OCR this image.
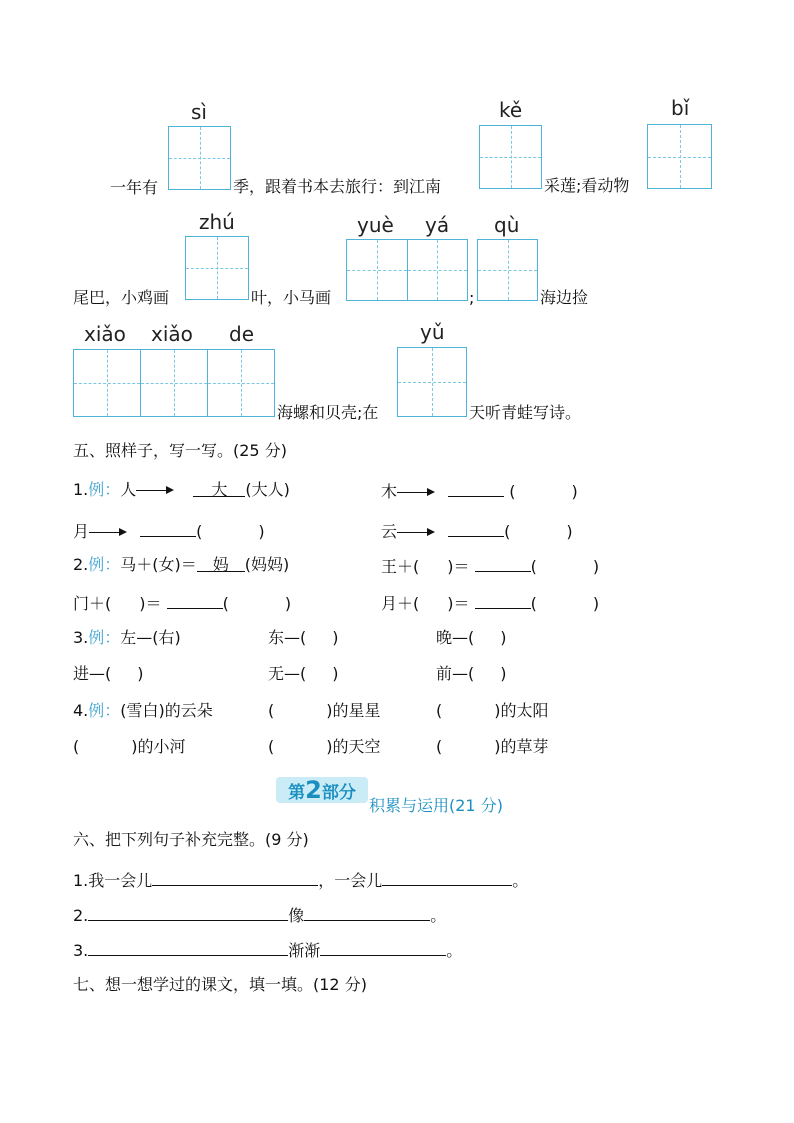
sì	kě	bǐ
zhú	yuè yá qù
xiǎo xiǎo de	yǔ
一年有	季，跟着书本去旅行：到江南	采莲;看动物
尾巴，小鸡画	叶，小马画	;	海边捡
海螺和贝壳;在	天听青蛙写诗。
五、照样子，写一写。(25 分)
1.例：人	大 (大人)	木	(	)
月	(	)	云	(	)
2.例：马＋(女)＝ 妈 (妈妈)	王＋( )＝	(	)
门＋( )＝	(	)	月＋( )＝	(	)
3.例：左—(右)	东—( )	晚—( )
进—( )	无—( )	前—( )
4.例：(雪白)的云朵	(	)的星星	(	)的太阳
(	)的小河	(	)的天空	(	)的草芽
第2部分
积累与运用(21 分)
六、把下列句子补充完整。(9 分)
1.我一会儿	，一会儿	。
2.	像	。
3.	渐渐	。
七、想一想学过的课文，填一填。(12 分)
